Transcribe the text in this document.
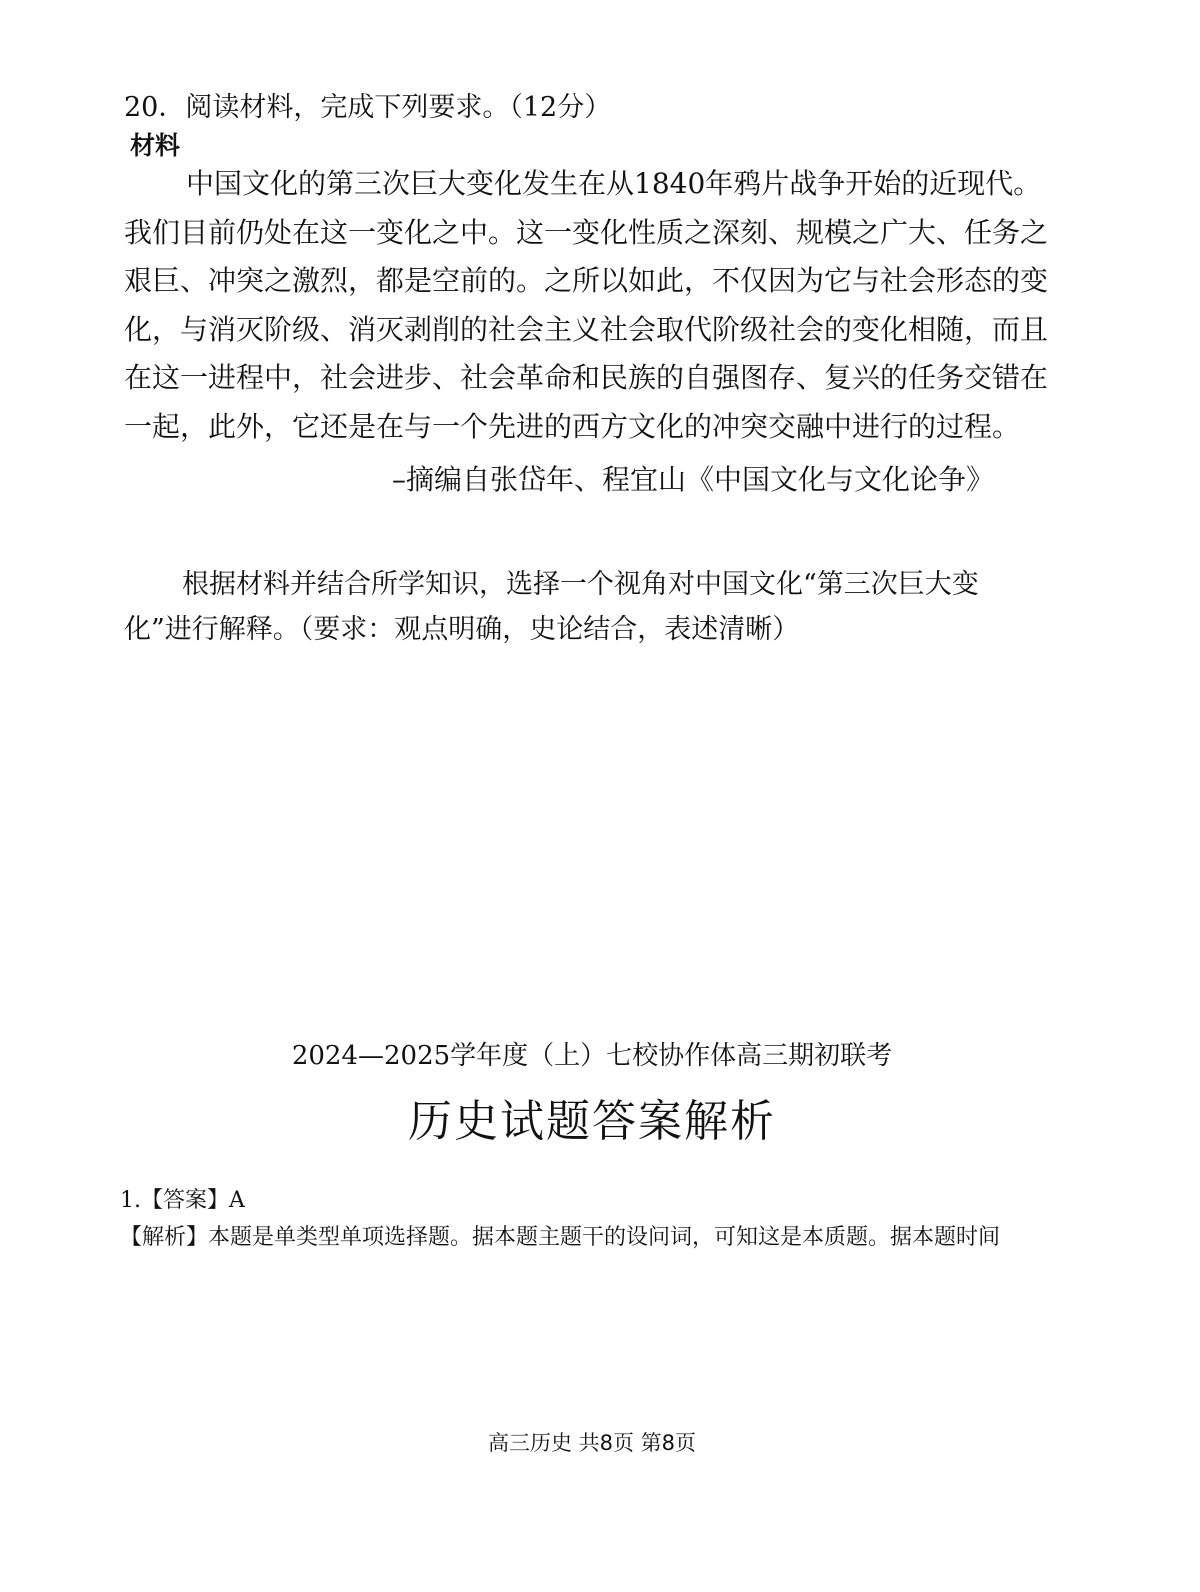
20．阅读材料，完成下列要求。（12分）
材料
中国文化的第三次巨大变化发生在从1840年鸦片战争开始的近现代。
我们目前仍处在这一变化之中。这一变化性质之深刻、规模之广大、任务之
艰巨、冲突之激烈，都是空前的。之所以如此，不仅因为它与社会形态的变
化，与消灭阶级、消灭剥削的社会主义社会取代阶级社会的变化相随，而且
在这一进程中，社会进步、社会革命和民族的自强图存、复兴的任务交错在
一起，此外，它还是在与一个先进的西方文化的冲突交融中进行的过程。
–摘编自张岱年、程宜山《中国文化与文化论争》
根据材料并结合所学知识，选择一个视角对中国文化“第三次巨大变
化”进行解释。（要求：观点明确，史论结合，表述清晰）
2024—2025学年度（上）七校协作体高三期初联考
历史试题答案解析
1.【答案】A
【解析】本题是单类型单项选择题。据本题主题干的设问词，可知这是本质题。据本题时间
高三历史 共8页 第8页
